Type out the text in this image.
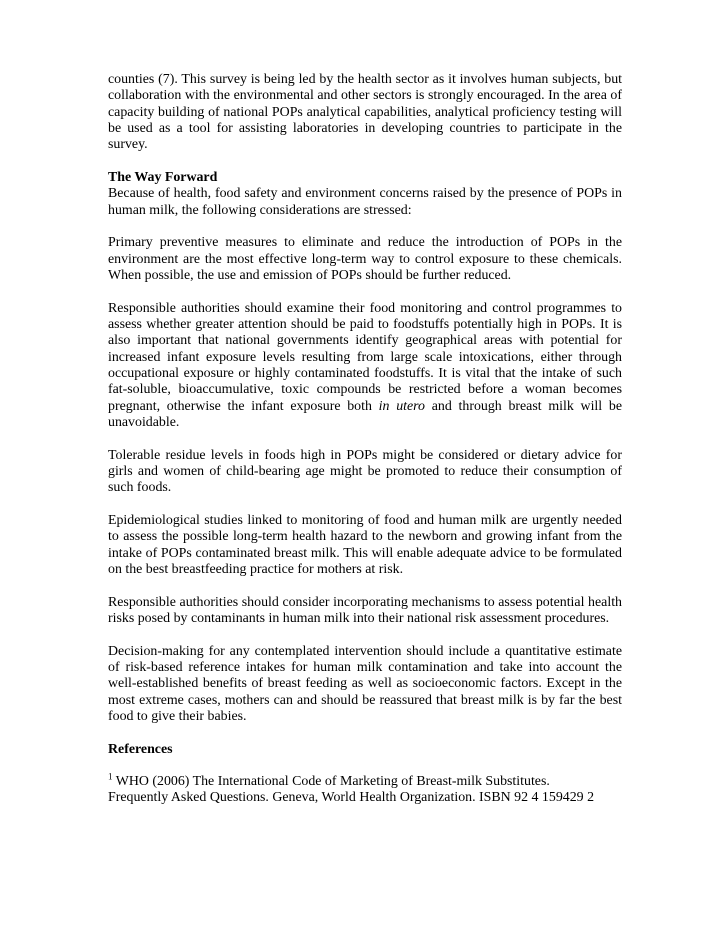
counties (7). This survey is being led by the health sector as it involves human subjects, but collaboration with the environmental and other sectors is strongly encouraged. In the area of capacity building of national POPs analytical capabilities, analytical proficiency testing will be used as a tool for assisting laboratories in developing countries to participate in the survey.

The Way Forward

Because of health, food safety and environment concerns raised by the presence of POPs in human milk, the following considerations are stressed:

Primary preventive measures to eliminate and reduce the introduction of POPs in the environment are the most effective long-term way to control exposure to these chemicals. When possible, the use and emission of POPs should be further reduced.

Responsible authorities should examine their food monitoring and control programmes to assess whether greater attention should be paid to foodstuffs potentially high in POPs. It is also important that national governments identify geographical areas with potential for increased infant exposure levels resulting from large scale intoxications, either through occupational exposure or highly contaminated foodstuffs. It is vital that the intake of such fat-soluble, bioaccumulative, toxic compounds be restricted before a woman becomes pregnant, otherwise the infant exposure both in utero and through breast milk will be unavoidable.

Tolerable residue levels in foods high in POPs might be considered or dietary advice for girls and women of child-bearing age might be promoted to reduce their consumption of such foods.

Epidemiological studies linked to monitoring of food and human milk are urgently needed to assess the possible long-term health hazard to the newborn and growing infant from the intake of POPs contaminated breast milk. This will enable adequate advice to be formulated on the best breastfeeding practice for mothers at risk.

Responsible authorities should consider incorporating mechanisms to assess potential health risks posed by contaminants in human milk into their national risk assessment procedures.

Decision-making for any contemplated intervention should include a quantitative estimate of risk-based reference intakes for human milk contamination and take into account the well-established benefits of breast feeding as well as socioeconomic factors. Except in the most extreme cases, mothers can and should be reassured that breast milk is by far the best food to give their babies.

References
$^1$ WHO (2006) The International Code of Marketing of Breast-milk Substitutes.
Frequently Asked Questions. Geneva, World Health Organization. ISBN 92 4 159429 2
